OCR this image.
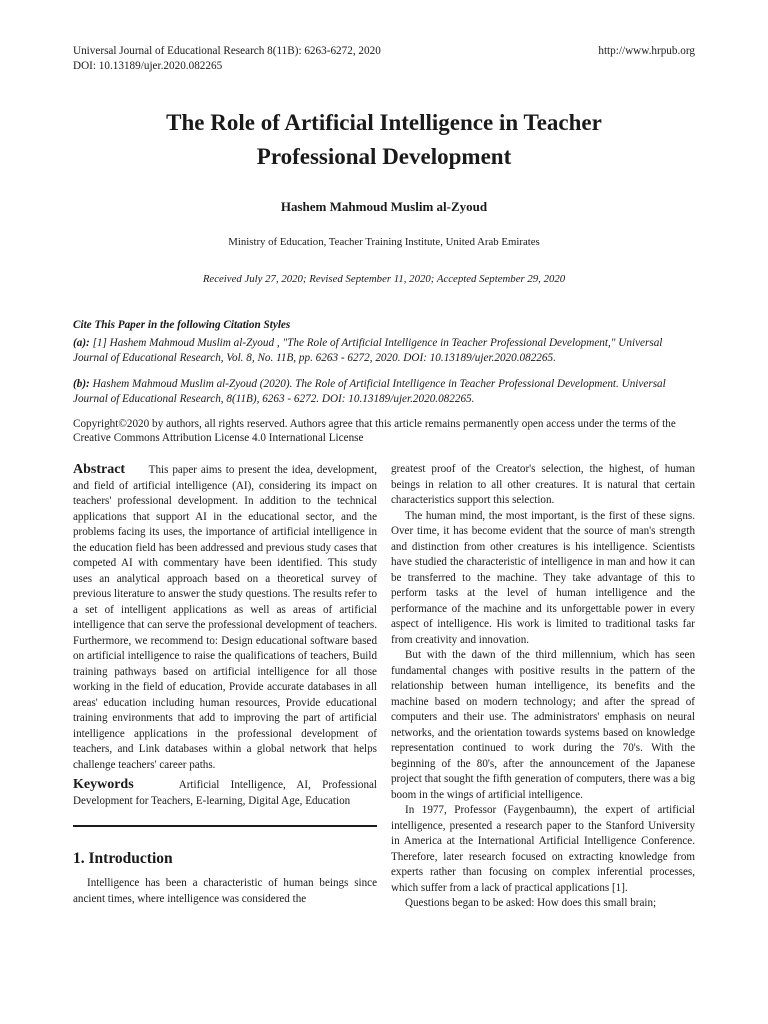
Universal Journal of Educational Research 8(11B): 6263-6272, 2020
DOI: 10.13189/ujer.2020.082265
http://www.hrpub.org
The Role of Artificial Intelligence in Teacher
Professional Development
Hashem Mahmoud Muslim al-Zyoud
Ministry of Education, Teacher Training Institute, United Arab Emirates
Received July 27, 2020; Revised September 11, 2020; Accepted September 29, 2020
Cite This Paper in the following Citation Styles
(a): [1] Hashem Mahmoud Muslim al-Zyoud , "The Role of Artificial Intelligence in Teacher Professional Development," Universal Journal of Educational Research, Vol. 8, No. 11B, pp. 6263 - 6272, 2020. DOI: 10.13189/ujer.2020.082265.
(b): Hashem Mahmoud Muslim al-Zyoud (2020). The Role of Artificial Intelligence in Teacher Professional Development. Universal Journal of Educational Research, 8(11B), 6263 - 6272. DOI: 10.13189/ujer.2020.082265.
Copyright©2020 by authors, all rights reserved. Authors agree that this article remains permanently open access under the terms of the Creative Commons Attribution License 4.0 International License

Abstract This paper aims to present the idea, development, and field of artificial intelligence (AI), considering its impact on teachers' professional development. In addition to the technical applications that support AI in the educational sector, and the problems facing its uses, the importance of artificial intelligence in the education field has been addressed and previous study cases that competed AI with commentary have been identified. This study uses an analytical approach based on a theoretical survey of previous literature to answer the study questions. The results refer to a set of intelligent applications as well as areas of artificial intelligence that can serve the professional development of teachers. Furthermore, we recommend to: Design educational software based on artificial intelligence to raise the qualifications of teachers, Build training pathways based on artificial intelligence for all those working in the field of education, Provide accurate databases in all areas' education including human resources, Provide educational training environments that add to improving the part of artificial intelligence applications in the professional development of teachers, and Link databases within a global network that helps challenge teachers' career paths.

Keywords	Artificial Intelligence, AI, Professional Development for Teachers, E-learning, Digital Age, Education

1. Introduction

Intelligence has been a characteristic of human beings since ancient times, where intelligence was considered the

greatest proof of the Creator's selection, the highest, of human beings in relation to all other creatures. It is natural that certain characteristics support this selection.

The human mind, the most important, is the first of these signs. Over time, it has become evident that the source of man's strength and distinction from other creatures is his intelligence. Scientists have studied the characteristic of intelligence in man and how it can be transferred to the machine. They take advantage of this to perform tasks at the level of human intelligence and the performance of the machine and its unforgettable power in every aspect of intelligence. His work is limited to traditional tasks far from creativity and innovation.

But with the dawn of the third millennium, which has seen fundamental changes with positive results in the pattern of the relationship between human intelligence, its benefits and the machine based on modern technology; and after the spread of computers and their use. The administrators' emphasis on neural networks, and the orientation towards systems based on knowledge representation continued to work during the 70's. With the beginning of the 80's, after the announcement of the Japanese project that sought the fifth generation of computers, there was a big boom in the wings of artificial intelligence.

In 1977, Professor (Faygenbaumn), the expert of artificial intelligence, presented a research paper to the Stanford University in America at the International Artificial Intelligence Conference. Therefore, later research focused on extracting knowledge from experts rather than focusing on complex inferential processes, which suffer from a lack of practical applications [1].

Questions began to be asked: How does this small brain;
